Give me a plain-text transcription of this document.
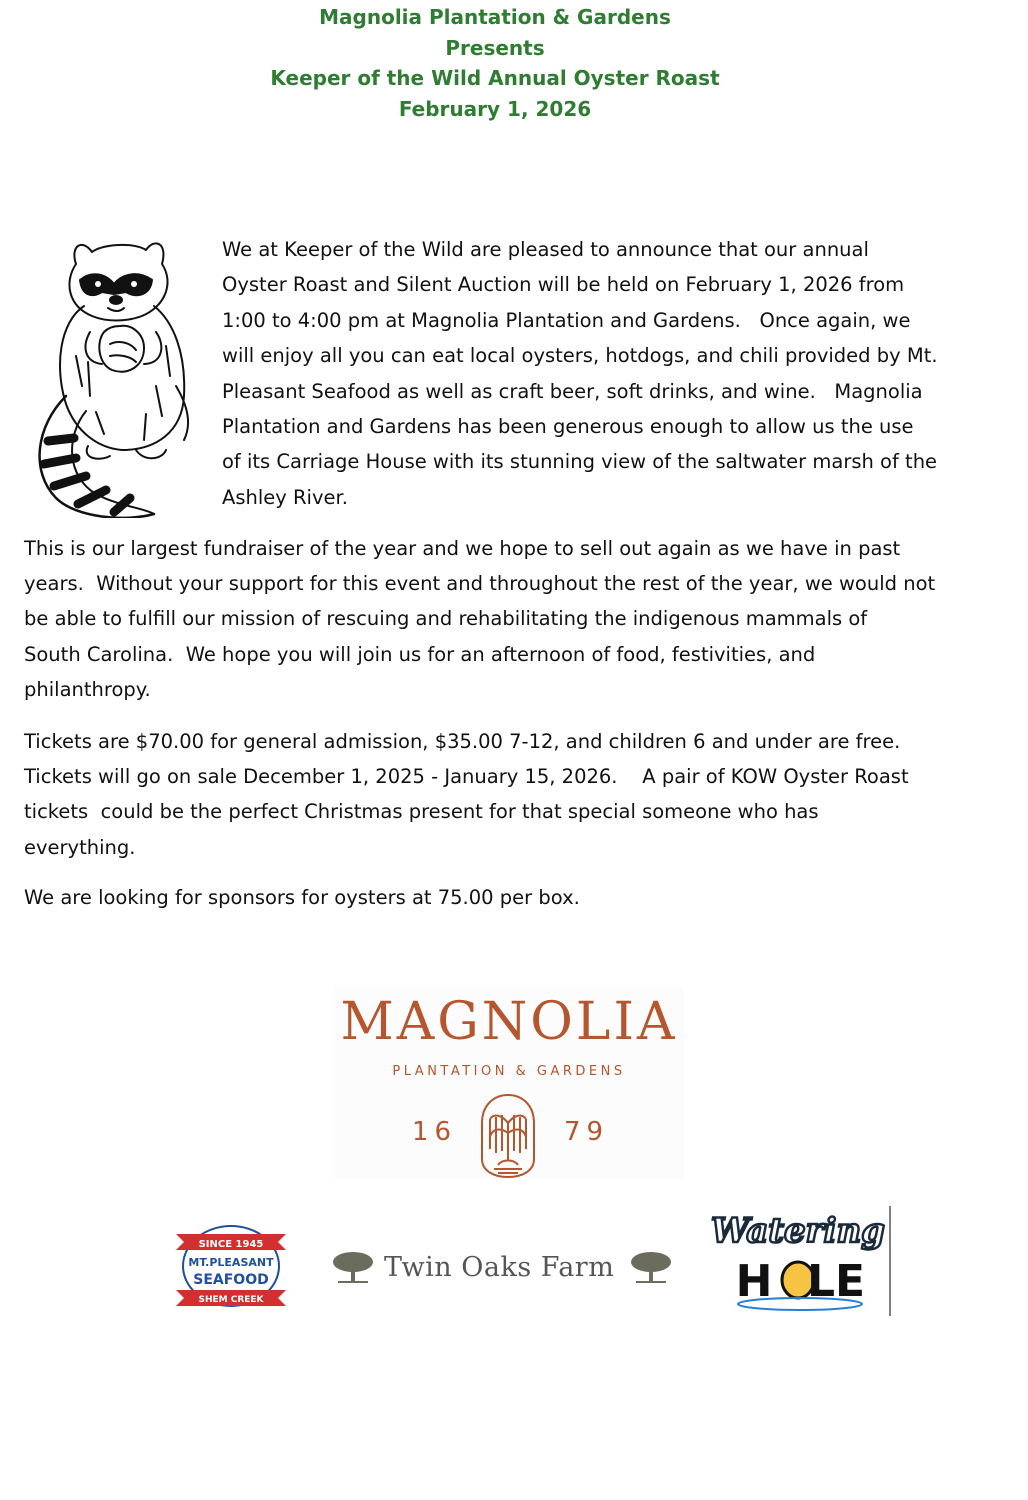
Magnolia Plantation & Gardens
Presents
Keeper of the Wild Annual Oyster Roast
February 1, 2026
We at Keeper of the Wild are pleased to announce that our annual
Oyster Roast and Silent Auction will be held on February 1, 2026 from
1:00 to 4:00 pm at Magnolia Plantation and Gardens.   Once again, we
will enjoy all you can eat local oysters, hotdogs, and chili provided by Mt.
Pleasant Seafood as well as craft beer, soft drinks, and wine.   Magnolia
Plantation and Gardens has been generous enough to allow us the use
of its Carriage House with its stunning view of the saltwater marsh of the
Ashley River.
This is our largest fundraiser of the year and we hope to sell out again as we have in past
years.  Without your support for this event and throughout the rest of the year, we would not
be able to fulfill our mission of rescuing and rehabilitating the indigenous mammals of
South Carolina.  We hope you will join us for an afternoon of food, festivities, and
philanthropy.
Tickets are $70.00 for general admission, $35.00 7-12, and children 6 and under are free.
Tickets will go on sale December 1, 2025 - January 15, 2026.    A pair of KOW Oyster Roast
tickets  could be the perfect Christmas present for that special someone who has
everything.
We are looking for sponsors for oysters at 75.00 per box.
MAGNOLIA
PLANTATION & GARDENS
16	79
SINCE 1945
MT.PLEASANT
SEAFOOD
SHEM CREEK
Twin Oaks Farm
Watering
H LE
